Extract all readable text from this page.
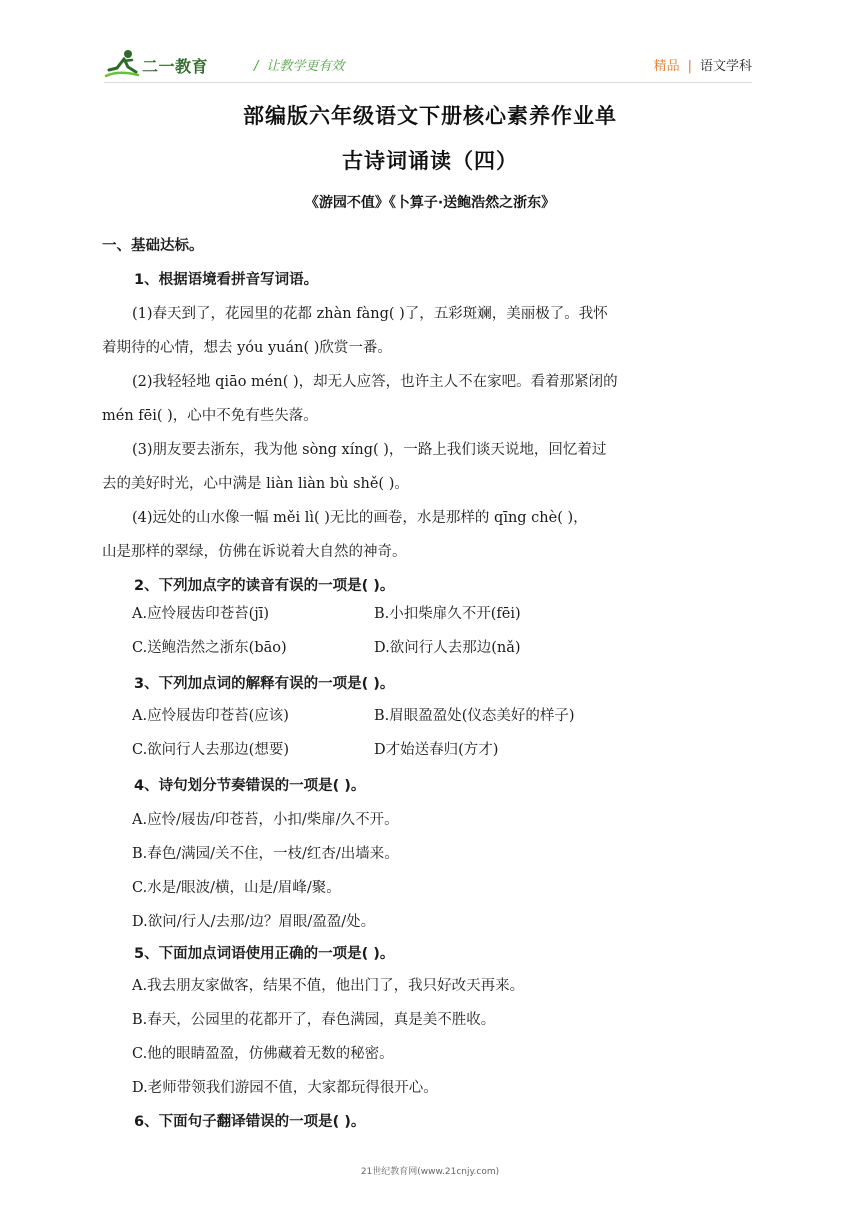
二一教育	/ 让教学更有效	精品 | 语文学科
部编版六年级语文下册核心素养作业单
古诗词诵读（四）
《游园不值》《卜算子·送鲍浩然之浙东》
一、基础达标。
1、根据语境看拼音写词语。
(1)春天到了，花园里的花都 zhàn fàng( )了，五彩斑斓，美丽极了。我怀
着期待的心情，想去 yóu yuán( )欣赏一番。
(2)我轻轻地 qiāo mén( )，却无人应答，也许主人不在家吧。看着那紧闭的
mén fēi( )，心中不免有些失落。
(3)朋友要去浙东，我为他 sòng xíng( )，一路上我们谈天说地，回忆着过
去的美好时光，心中满是 liàn liàn bù shě( )。
(4)远处的山水像一幅 měi lì( )无比的画卷，水是那样的 qīng chè( )，
山是那样的翠绿，仿佛在诉说着大自然的神奇。
2、下列加点字的读音有误的一项是( )。
A.应怜屐齿印苍苔(jī)	B.小扣柴扉久不开(fēi)
C.送鲍浩然之浙东(bāo)	D.欲问行人去那边(nǎ)
3、下列加点词的解释有误的一项是( )。
A.应怜屐齿印苍苔(应该)	B.眉眼盈盈处(仪态美好的样子)
C.欲问行人去那边(想要)	D才始送春归(方才)
4、诗句划分节奏错误的一项是( )。
A.应怜/屐齿/印苍苔，小扣/柴扉/久不开。
B.春色/满园/关不住，一枝/红杏/出墙来。
C.水是/眼波/横，山是/眉峰/聚。
D.欲问/行人/去那/边？眉眼/盈盈/处。
5、下面加点词语使用正确的一项是( )。
A.我去朋友家做客，结果不值，他出门了，我只好改天再来。
B.春天，公园里的花都开了，春色满园，真是美不胜收。
C.他的眼睛盈盈，仿佛藏着无数的秘密。
D.老师带领我们游园不值，大家都玩得很开心。
6、下面句子翻译错误的一项是( )。
21世纪教育网(www.21cnjy.com)
